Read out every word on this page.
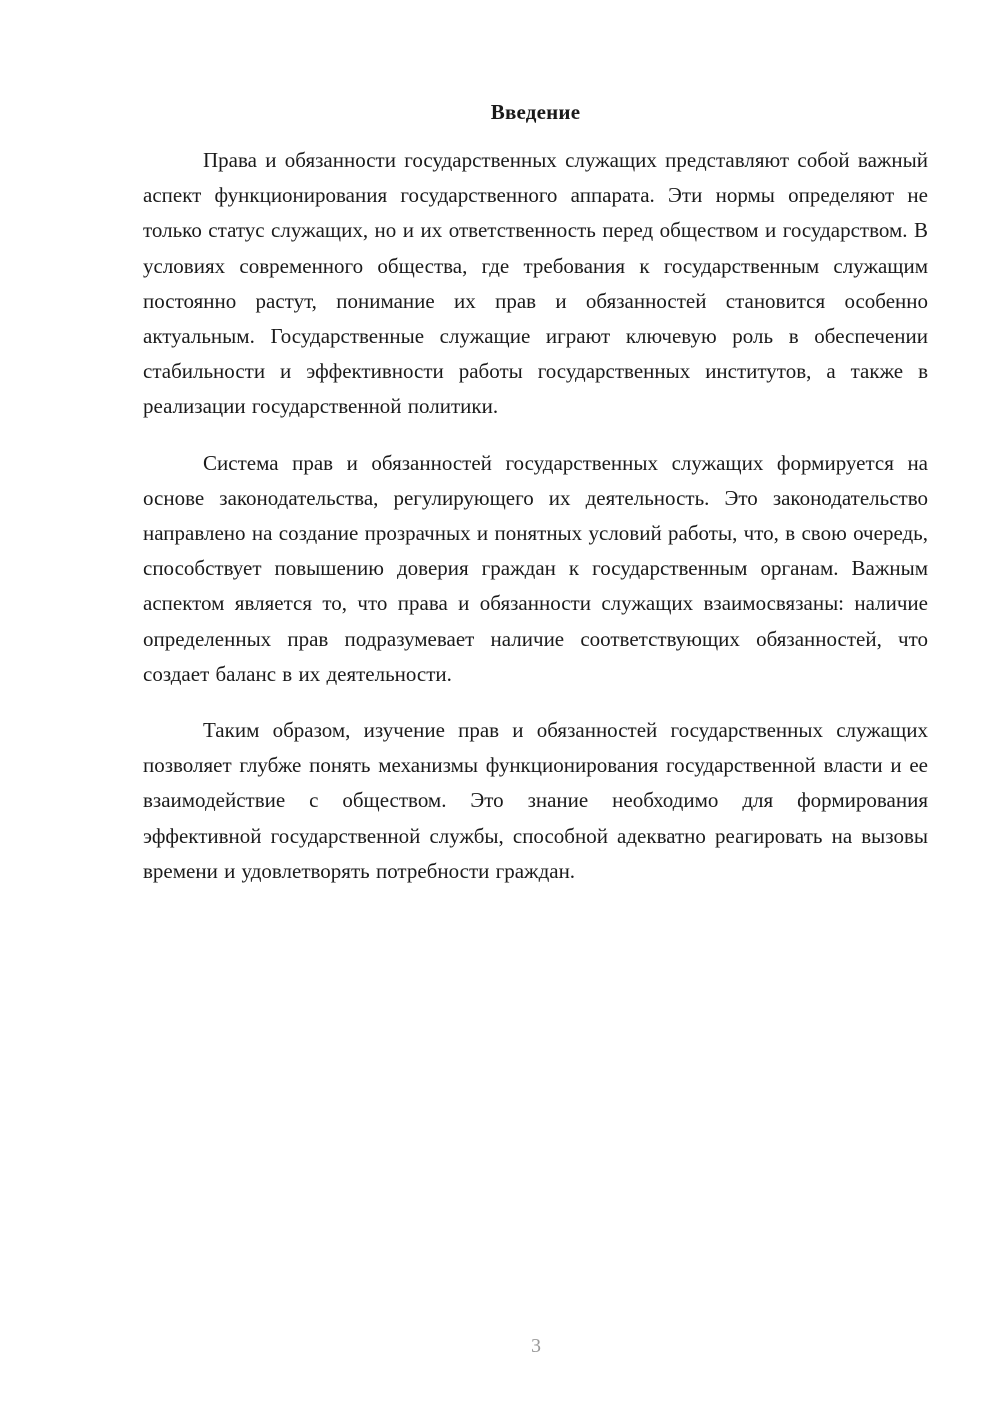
Введение

Права и обязанности государственных служащих представляют собой важный аспект функционирования государственного аппарата. Эти нормы определяют не только статус служащих, но и их ответственность перед обществом и государством. В условиях современного общества, где требования к государственным служащим постоянно растут, понимание их прав и обязанностей становится особенно актуальным. Государственные служащие играют ключевую роль в обеспечении стабильности и эффективности работы государственных институтов, а также в реализации государственной политики.

Система прав и обязанностей государственных служащих формируется на основе законодательства, регулирующего их деятельность. Это законодательство направлено на создание прозрачных и понятных условий работы, что, в свою очередь, способствует повышению доверия граждан к государственным органам. Важным аспектом является то, что права и обязанности служащих взаимосвязаны: наличие определенных прав подразумевает наличие соответствующих обязанностей, что создает баланс в их деятельности.

Таким образом, изучение прав и обязанностей государственных служащих позволяет глубже понять механизмы функционирования государственной власти и ее взаимодействие с обществом. Это знание необходимо для формирования эффективной государственной службы, способной адекватно реагировать на вызовы времени и удовлетворять потребности граждан.

3
